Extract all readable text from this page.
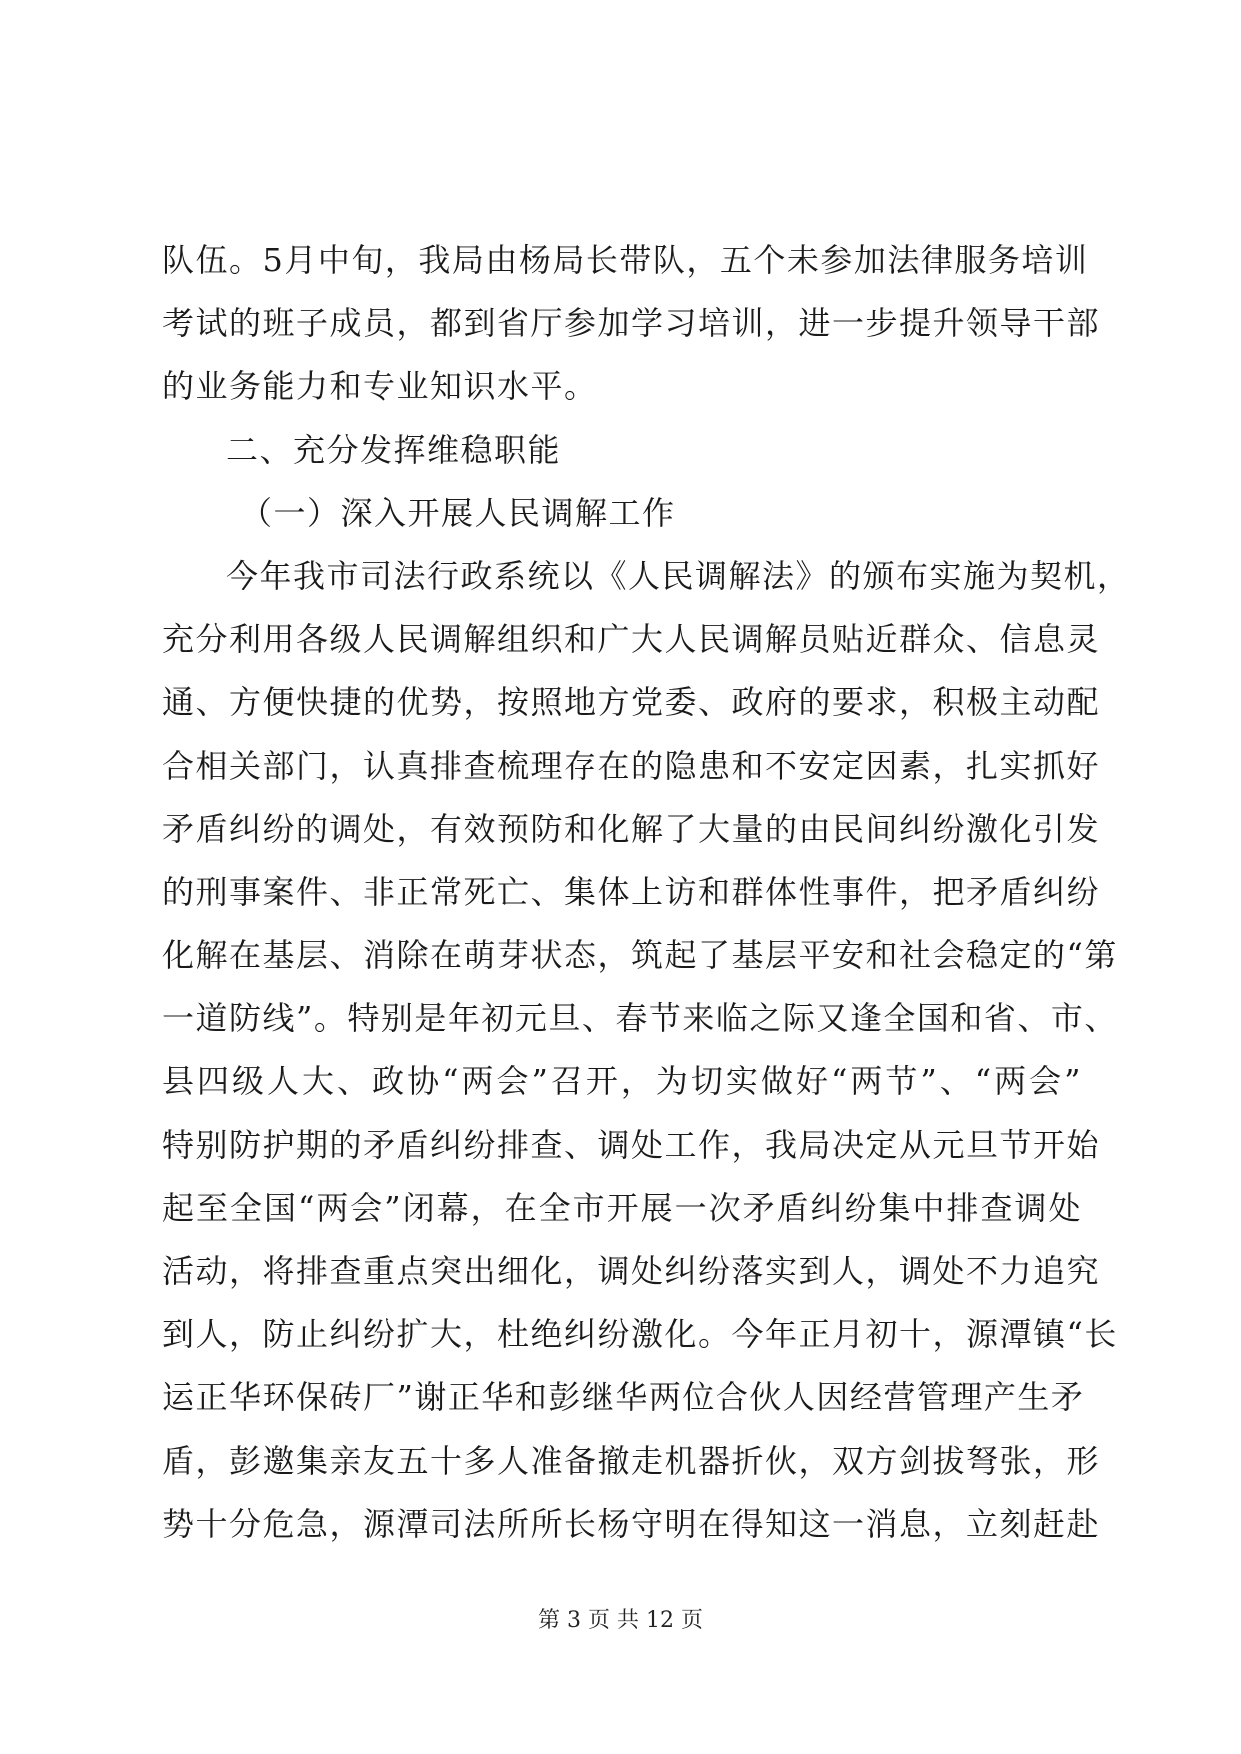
队伍。5月中旬，我局由杨局长带队，五个未参加法律服务培训
考试的班子成员，都到省厅参加学习培训，进一步提升领导干部
的业务能力和专业知识水平。
二、充分发挥维稳职能
（一）深入开展人民调解工作
今年我市司法行政系统以《人民调解法》的颁布实施为契机，
充分利用各级人民调解组织和广大人民调解员贴近群众、信息灵
通、方便快捷的优势，按照地方党委、政府的要求，积极主动配
合相关部门，认真排查梳理存在的隐患和不安定因素，扎实抓好
矛盾纠纷的调处，有效预防和化解了大量的由民间纠纷激化引发
的刑事案件、非正常死亡、集体上访和群体性事件，把矛盾纠纷
化解在基层、消除在萌芽状态，筑起了基层平安和社会稳定的“第
一道防线”。特别是年初元旦、春节来临之际又逢全国和省、市、
县四级人大、政协“两会”召开，为切实做好“两节”、“两会”
特别防护期的矛盾纠纷排查、调处工作，我局决定从元旦节开始
起至全国“两会”闭幕，在全市开展一次矛盾纠纷集中排查调处
活动，将排查重点突出细化，调处纠纷落实到人，调处不力追究
到人，防止纠纷扩大，杜绝纠纷激化。今年正月初十，源潭镇“长
运正华环保砖厂”谢正华和彭继华两位合伙人因经营管理产生矛
盾，彭邀集亲友五十多人准备撤走机器折伙，双方剑拔弩张，形
势十分危急，源潭司法所所长杨守明在得知这一消息，立刻赶赴
第 3 页 共 12 页
